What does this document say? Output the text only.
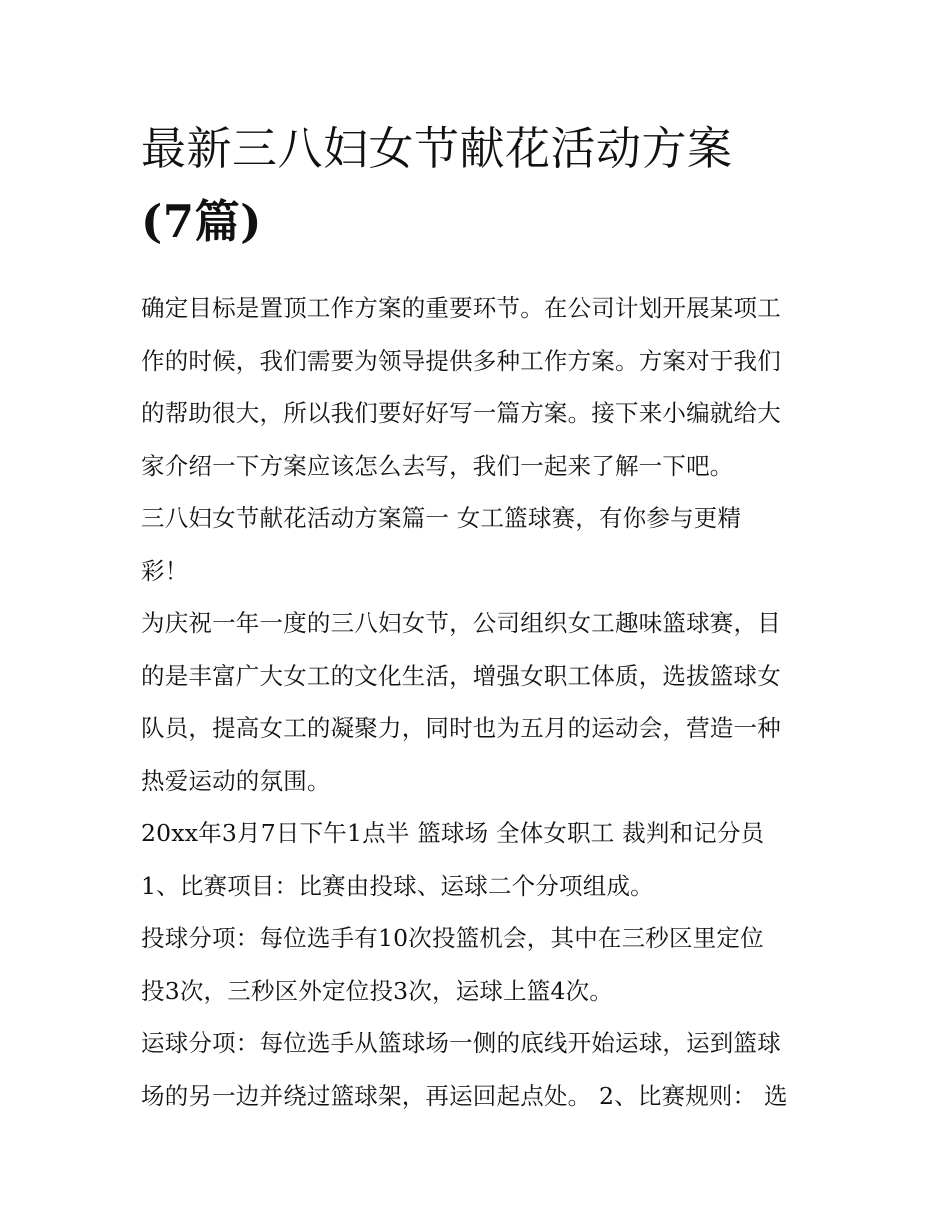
最新三八妇女节献花活动方案
(7篇)

确定目标是置顶工作方案的重要环节。在公司计划开展某项工
作的时候，我们需要为领导提供多种工作方案。方案对于我们
的帮助很大，所以我们要好好写一篇方案。接下来小编就给大
家介绍一下方案应该怎么去写，我们一起来了解一下吧。

三八妇女节献花活动方案篇一 女工篮球赛，有你参与更精
彩！

为庆祝一年一度的三八妇女节，公司组织女工趣味篮球赛，目
的是丰富广大女工的文化生活，增强女职工体质，选拔篮球女
队员，提高女工的凝聚力，同时也为五月的运动会，营造一种
热爱运动的氛围。

20xx年3月7日下午1点半 篮球场 全体女职工 裁判和记分员

1、比赛项目：比赛由投球、运球二个分项组成。

投球分项：每位选手有10次投篮机会，其中在三秒区里定位
投3次，三秒区外定位投3次，运球上篮4次。

运球分项：每位选手从篮球场一侧的底线开始运球，运到篮球
场的另一边并绕过篮球架，再运回起点处。 2、比赛规则： 选
